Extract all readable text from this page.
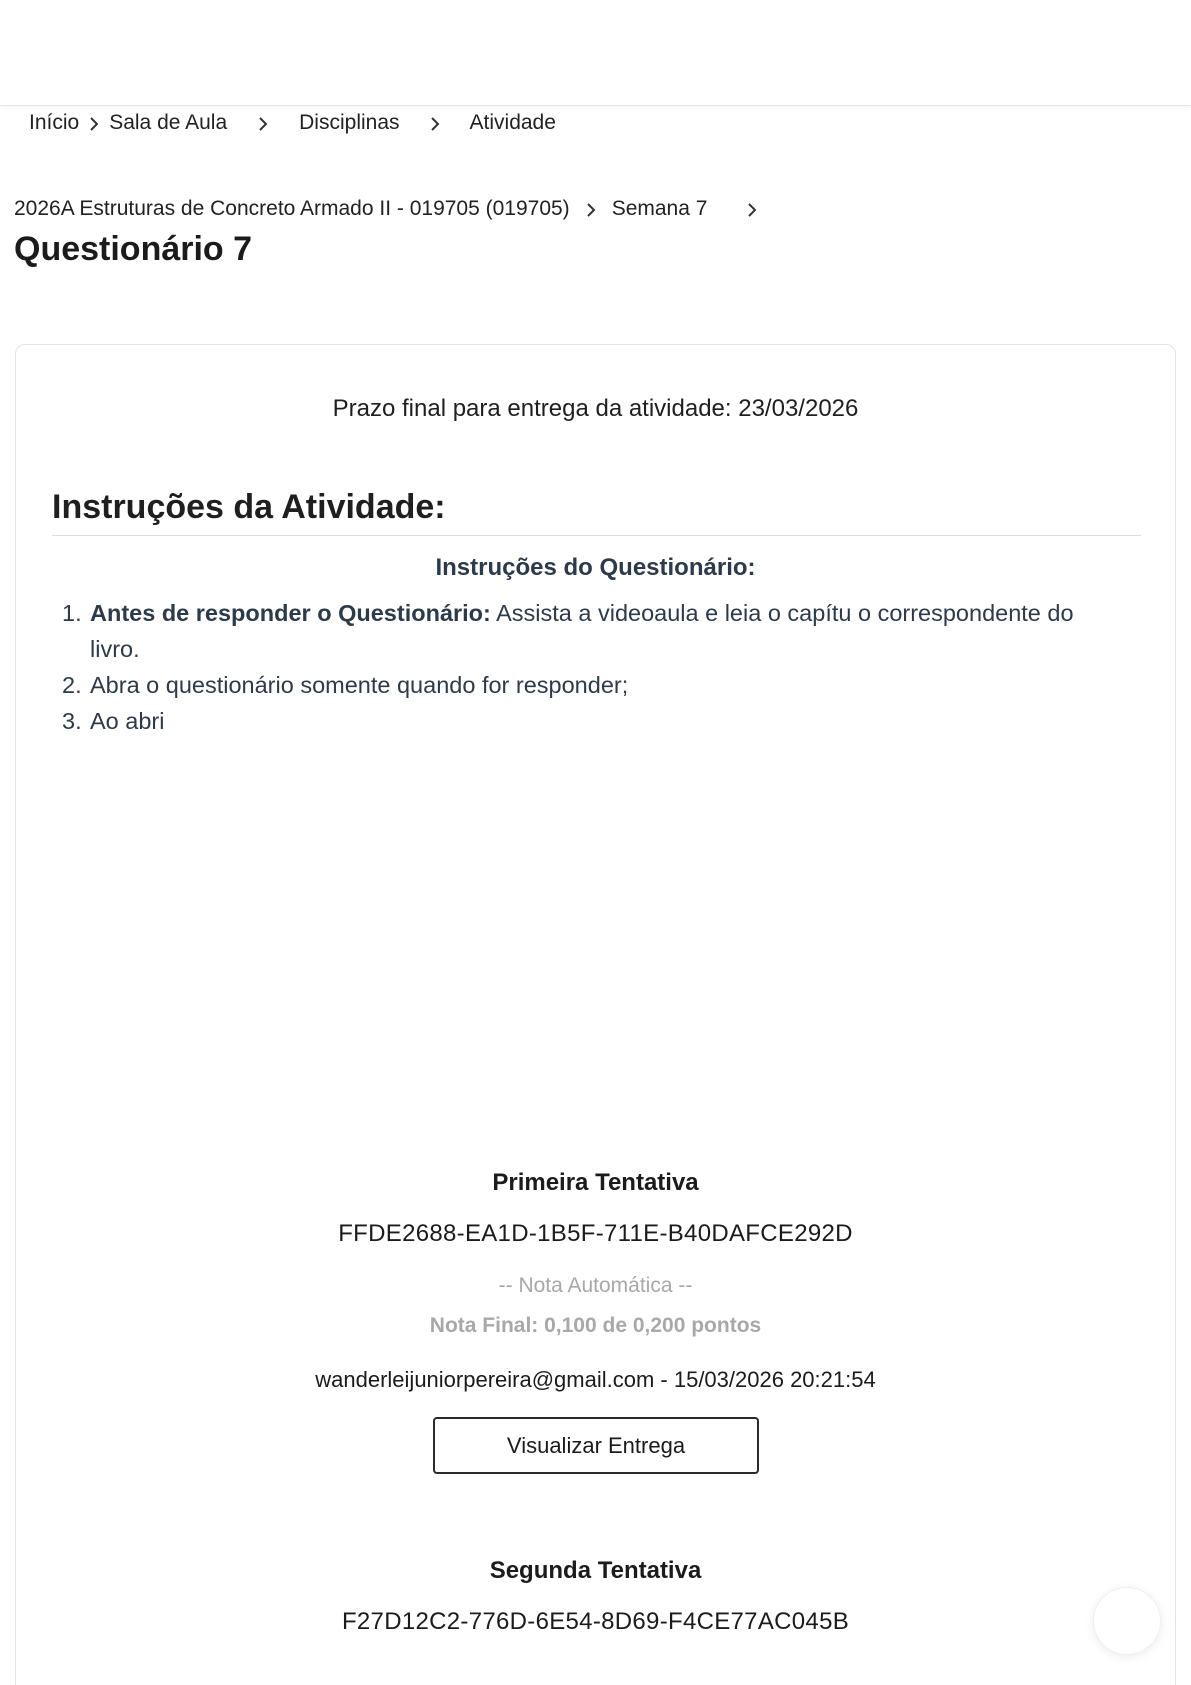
Início Sala de Aula	Disciplinas	Atividade
2026A Estruturas de Concreto Armado II - 019705 (019705) Semana 7
Questionário 7
Prazo final para entrega da atividade: 23/03/2026
Instruções da Atividade:
Instruções do Questionário:
1. Antes de responder o Questionário: Assista a videoaula e leia o capítu o correspondente do livro.
2. Abra o questionário somente quando for responder;
3. Ao abri
Primeira Tentativa
FFDE2688-EA1D-1B5F-711E-B40DAFCE292D
-- Nota Automática --
Nota Final: 0,100 de 0,200 pontos
wanderleijuniorpereira@gmail.com - 15/03/2026 20:21:54
Visualizar Entrega
Segunda Tentativa
F27D12C2-776D-6E54-8D69-F4CE77AC045B
